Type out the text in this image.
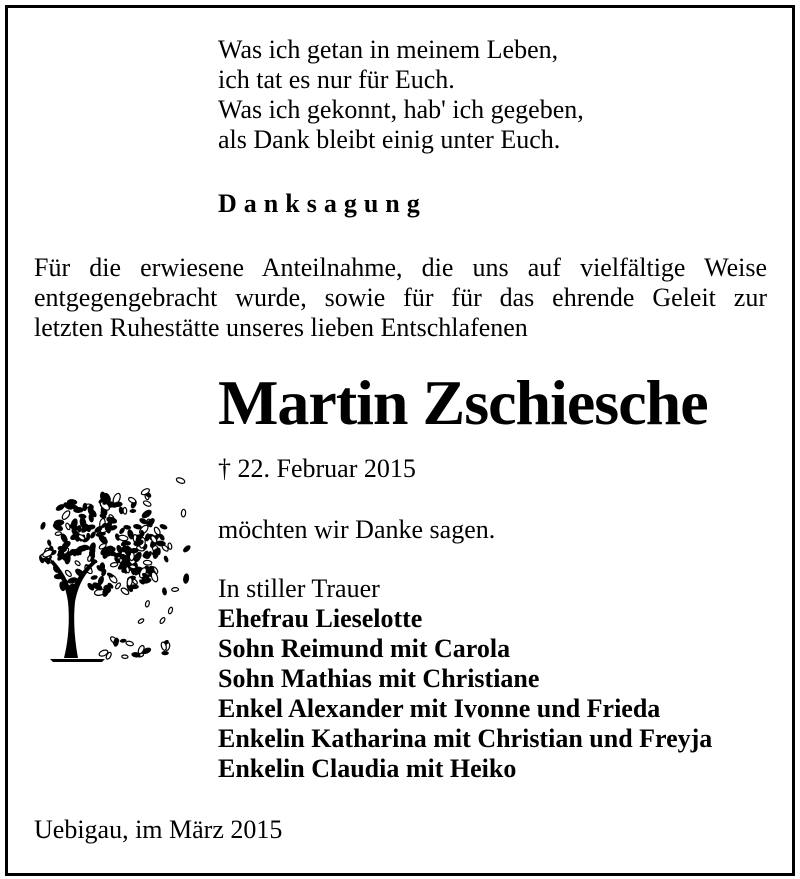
Was ich getan in meinem Leben,
ich tat es nur für Euch.
Was ich gekonnt, hab' ich gegeben,
als Dank bleibt einig unter Euch.
Danksagung
Für die erwiesene Anteilnahme, die uns auf vielfältige Weise
entgegengebracht wurde, sowie für für das ehrende Geleit zur
letzten Ruhestätte unseres lieben Entschlafenen
Martin Zschiesche
† 22. Februar 2015
möchten wir Danke sagen.
In stiller Trauer
Ehefrau Lieselotte
Sohn Reimund mit Carola
Sohn Mathias mit Christiane
Enkel Alexander mit Ivonne und Frieda
Enkelin Katharina mit Christian und Freyja
Enkelin Claudia mit Heiko
Uebigau, im März 2015
